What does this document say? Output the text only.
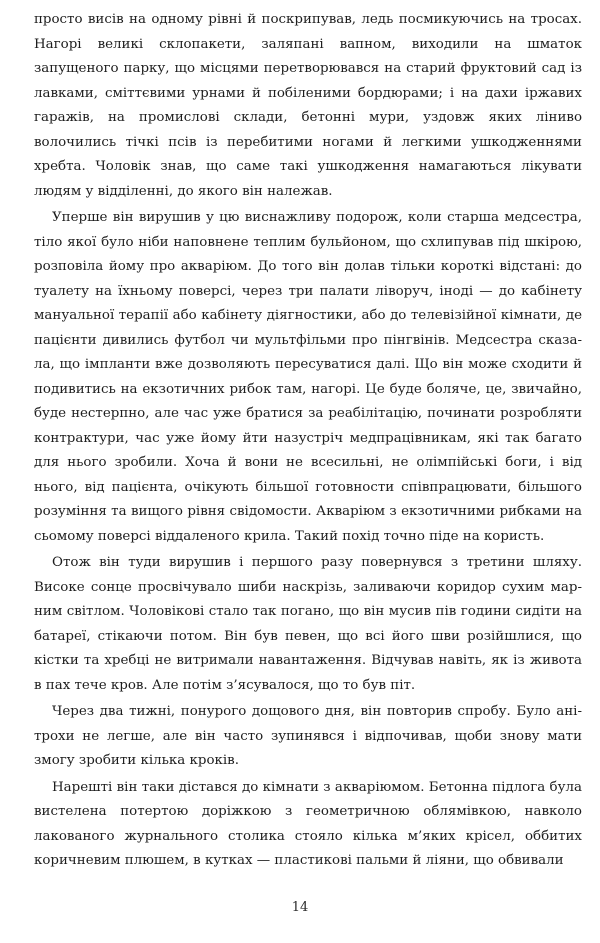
просто висів на одному рівні й поскрипував, ледь посмикуючись на тросах. Нагорі великі склопакети, заляпані вапном, виходили на шматок запущеного парку, що місцями перетворювався на старий фруктовий сад із лавками, сміттєвими урнами й побіленими бордюрами; і на дахи іржавих гаражів, на промислові склади, бетонні мури, уздовж яких ліниво волочились тічкі псів із перебитими ногами й легкими ушкодженнями хребта. Чоловік знав, що саме такі ушкодження намагаються лікувати людям у відділенні, до якого він належав.

Уперше він вирушив у цю виснажливу подорож, коли старша медсестра, тіло якої було ніби наповнене теплим бульйоном, що схлипував під шкірою, розповіла йому про акваріюм. До того він долав тільки короткі відстані: до туалету на їхньому поверсі, через три палати ліворуч, іноді — до кабінету мануальної терапії або кабінету діягностики, або до телевізійної кімнати, де пацієнти дивились футбол чи мультфільми про пінгвінів. Медсестра сказала, що імпланти вже дозволяють пересуватися далі. Що він може сходити й подивитись на екзотичних рибок там, нагорі. Це буде боляче, це, звичайно, буде нестерпно, але час уже братися за реабілітацію, починати розробляти контрактури, час уже йому йти назустріч медпрацівникам, які так багато для нього зробили. Хоча й вони не всесильні, не олімпійські боги, і від нього, від пацієнта, очікують більшої готовности співпрацювати, більшого розуміння та вищого рівня свідомости. Акваріюм з екзотичними рибками на сьомому поверсі віддаленого крила. Такий похід точно піде на користь.

Отож він туди вирушив і першого разу повернувся з третини шляху. Високе сонце просвічувало шиби наскрізь, заливаючи коридор сухим марним світлом. Чоловікові стало так погано, що він мусив пів години сидіти на батареї, стікаючи потом. Він був певен, що всі його шви розійшлися, що кістки та хребці не витримали навантаження. Відчував навіть, як із живота в пах тече кров. Але потім з’ясувалося, що то був піт.

Через два тижні, понурого дощового дня, він повторив спробу. Було анітрохи не легше, але він часто зупинявся і відпочивав, щоби знову мати змогу зробити кілька кроків.

Нарешті він таки дістався до кімнати з акваріюмом. Бетонна підлога була вистелена потертою доріжкою з геометричною облямівкою, навколо лакованого журнального столика стояло кілька м’яких крісел, оббитих коричневим плюшем, в кутках — пластикові пальми й ліяни, що обвивали

14
